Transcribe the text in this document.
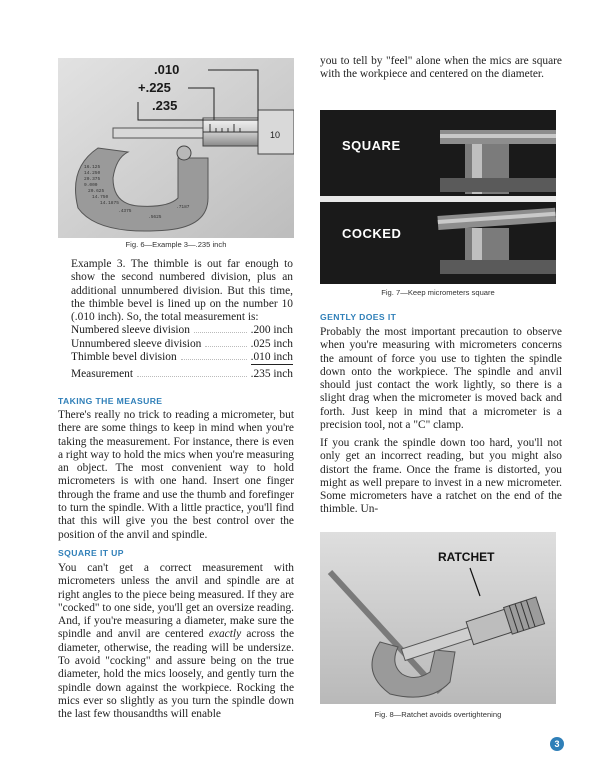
10
16.125
14.250
20.375
9.000
20.625
14.750
14.1875
.4375
.5625
.7187
.010
+.225
.235

Fig. 6—Example 3—.235 inch

Example 3. The thimble is out far enough to show the second numbered division, plus an additional unnumbered division. But this time, the thimble bevel is lined up on the number 10 (.010 inch). So, the total measurement is:

Numbered sleeve division	.200 inch
Unnumbered sleeve division	.025 inch
Thimble bevel division	.010 inch
Measurement	.235 inch

TAKING THE MEASURE

There's really no trick to reading a micrometer, but there are some things to keep in mind when you're taking the measurement. For instance, there is even a right way to hold the mics when you're measuring an object. The most convenient way to hold micrometers is with one hand. Insert one finger through the frame and use the thumb and forefinger to turn the spindle. With a little practice, you'll find that this will give you the best control over the position of the anvil and spindle.

SQUARE IT UP

You can't get a correct measurement with micrometers unless the anvil and spindle are at right angles to the piece being measured. If they are "cocked" to one side, you'll get an oversize reading. And, if you're measuring a diameter, make sure the spindle and anvil are centered exactly across the diameter, otherwise, the reading will be undersize. To avoid "cocking" and assure being on the true diameter, hold the mics loosely, and gently turn the spindle down against the workpiece. Rocking the mics ever so slightly as you turn the spindle down the last few thousandths will enable

you to tell by "feel" alone when the mics are square with the workpiece and centered on the diameter.

SQUARE
COCKED

Fig. 7—Keep micrometers square

GENTLY DOES IT

Probably the most important precaution to observe when you're measuring with micrometers concerns the amount of force you use to tighten the spindle down onto the workpiece. The spindle and anvil should just contact the work lightly, so there is a slight drag when the micrometer is moved back and forth. Just keep in mind that a micrometer is a precision tool, not a "C" clamp.

If you crank the spindle down too hard, you'll not only get an incorrect reading, but you might also distort the frame. Once the frame is distorted, you might as well prepare to invest in a new micrometer. Some micrometers have a ratchet on the end of the thimble. Un-

RATCHET

Fig. 8—Ratchet avoids overtightening

3
